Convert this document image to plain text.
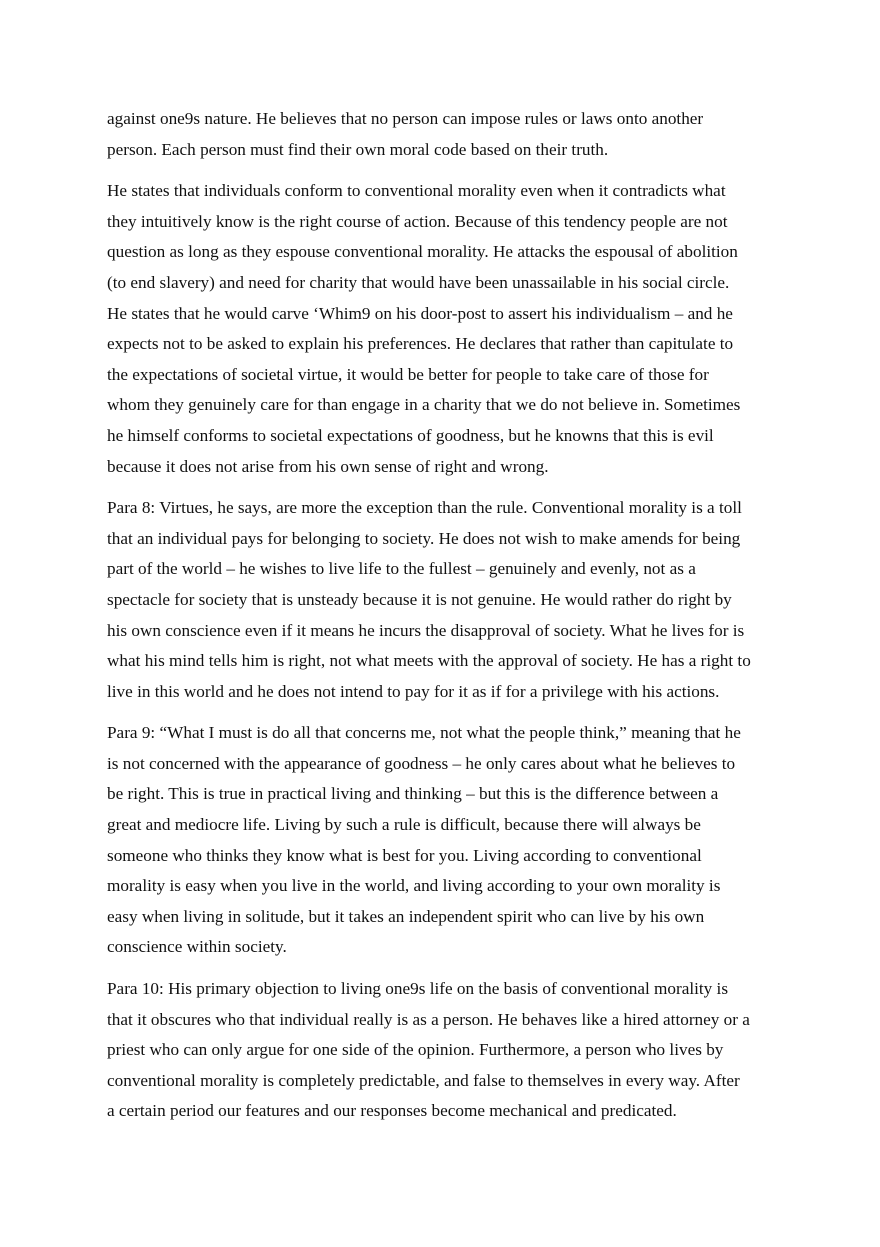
against one9s nature. He believes that no person can impose rules or laws onto another
person. Each person must find their own moral code based on their truth.

He states that individuals conform to conventional morality even when it contradicts what
they intuitively know is the right course of action. Because of this tendency people are not
question as long as they espouse conventional morality. He attacks the espousal of abolition
(to end slavery) and need for charity that would have been unassailable in his social circle.
He states that he would carve ‘Whim9 on his door-post to assert his individualism – and he
expects not to be asked to explain his preferences. He declares that rather than capitulate to
the expectations of societal virtue, it would be better for people to take care of those for
whom they genuinely care for than engage in a charity that we do not believe in. Sometimes
he himself conforms to societal expectations of goodness, but he knowns that this is evil
because it does not arise from his own sense of right and wrong.

Para 8: Virtues, he says, are more the exception than the rule. Conventional morality is a toll
that an individual pays for belonging to society. He does not wish to make amends for being
part of the world – he wishes to live life to the fullest – genuinely and evenly, not as a
spectacle for society that is unsteady because it is not genuine. He would rather do right by
his own conscience even if it means he incurs the disapproval of society. What he lives for is
what his mind tells him is right, not what meets with the approval of society. He has a right to
live in this world and he does not intend to pay for it as if for a privilege with his actions.

Para 9: “What I must is do all that concerns me, not what the people think,” meaning that he
is not concerned with the appearance of goodness – he only cares about what he believes to
be right. This is true in practical living and thinking – but this is the difference between a
great and mediocre life. Living by such a rule is difficult, because there will always be
someone who thinks they know what is best for you. Living according to conventional
morality is easy when you live in the world, and living according to your own morality is
easy when living in solitude, but it takes an independent spirit who can live by his own
conscience within society.

Para 10: His primary objection to living one9s life on the basis of conventional morality is
that it obscures who that individual really is as a person. He behaves like a hired attorney or a
priest who can only argue for one side of the opinion. Furthermore, a person who lives by
conventional morality is completely predictable, and false to themselves in every way. After
a certain period our features and our responses become mechanical and predicated.
